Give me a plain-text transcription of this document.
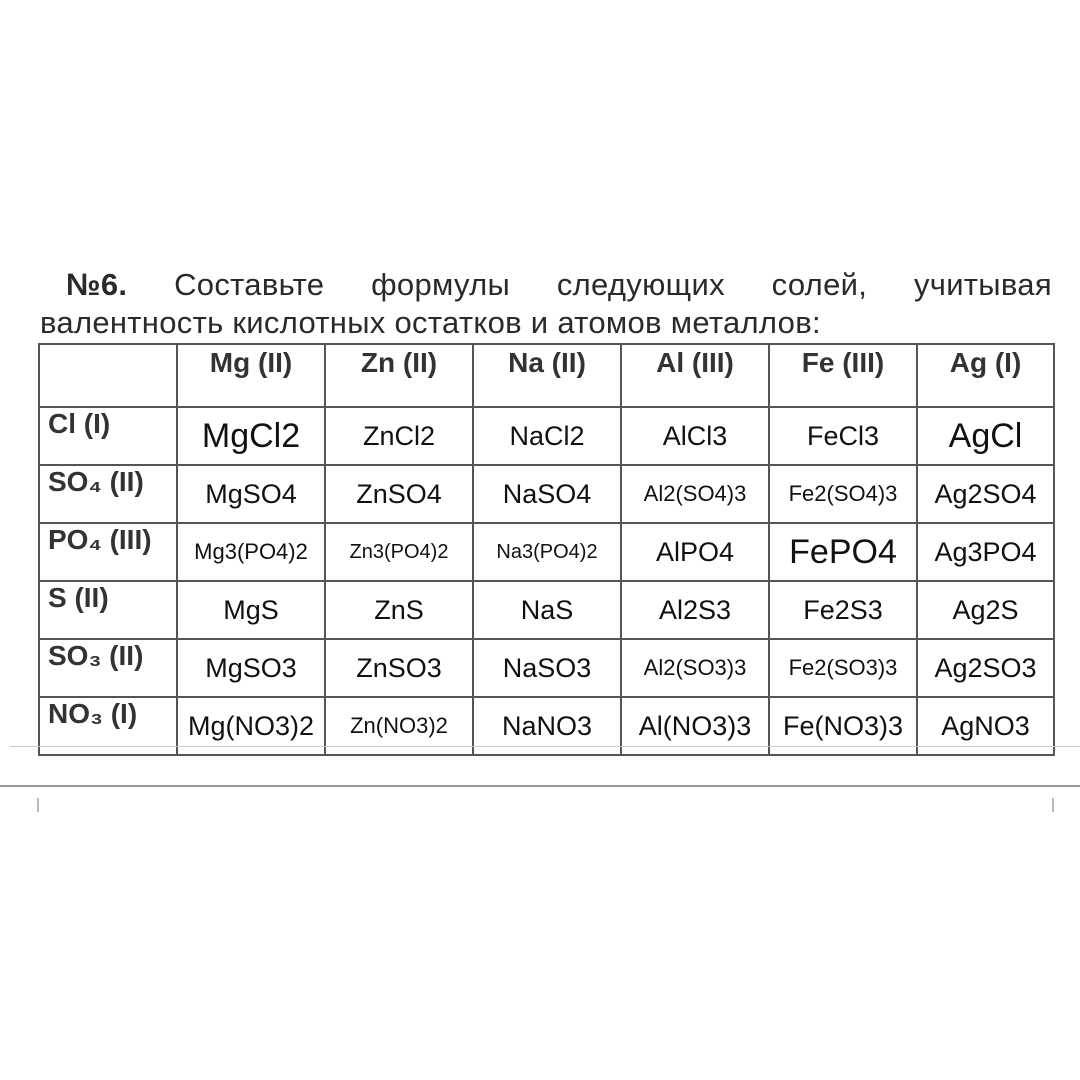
№6. Составьте формулы следующих солей, учитывая
валентность кислотных остатков и атомов металлов:
	Mg (II)	Zn (II)	Na (II)	Al (III)	Fe (III)	Ag (I)
Cl (I)	MgCl2	ZnCl2	NaCl2	AlCl3	FeCl3	AgCl
SO₄ (II)	MgSO4	ZnSO4	NaSO4	Al2(SO4)3	Fe2(SO4)3	Ag2SO4
PO₄ (III)	Mg3(PO4)2	Zn3(PO4)2	Na3(PO4)2	AlPO4	FePO4	Ag3PO4
S (II)	MgS	ZnS	NaS	Al2S3	Fe2S3	Ag2S
SO₃ (II)	MgSO3	ZnSO3	NaSO3	Al2(SO3)3	Fe2(SO3)3	Ag2SO3
NO₃ (I)	Mg(NO3)2	Zn(NO3)2	NaNO3	Al(NO3)3	Fe(NO3)3	AgNO3
